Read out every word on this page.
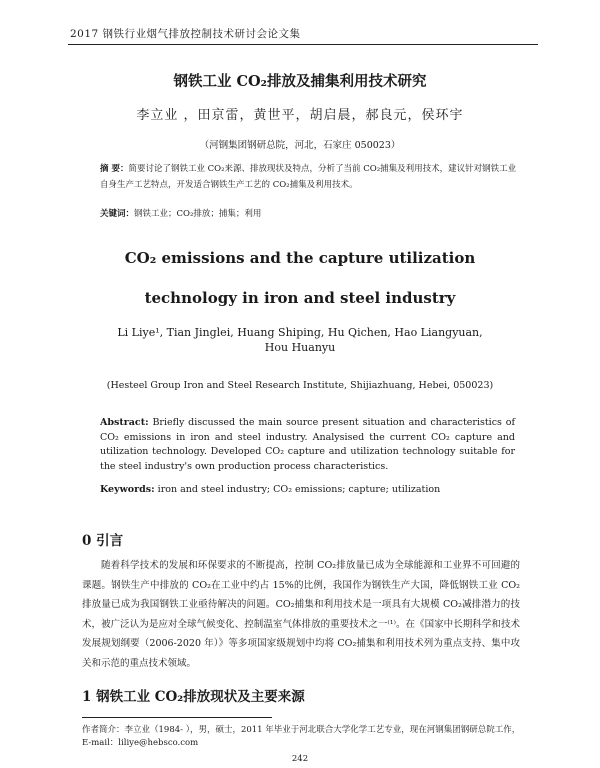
2017 钢铁行业烟气排放控制技术研讨会论文集
钢铁工业 CO₂排放及捕集利用技术研究
李立业 ，田京雷，黄世平，胡启晨，郝良元，侯环宇
（河钢集团钢研总院，河北，石家庄 050023）
摘 要：简要讨论了钢铁工业 CO₂来源、排放现状及特点，分析了当前 CO₂捕集及利用技术，建议针对钢铁工业自身生产工艺特点，开发适合钢铁生产工艺的 CO₂捕集及利用技术。
关键词：钢铁工业；CO₂排放；捕集；利用
CO₂ emissions and the capture utilization
technology in iron and steel industry
Li Liye¹, Tian Jinglei, Huang Shiping, Hu Qichen, Hao Liangyuan, Hou Huanyu
(Hesteel Group Iron and Steel Research Institute, Shijiazhuang, Hebei, 050023)
Abstract: Briefly discussed the main source present situation and characteristics of CO₂ emissions in iron and steel industry. Analysised the current CO₂ capture and utilization technology. Developed CO₂ capture and utilization technology suitable for the steel industry's own production process characteristics.
Keywords: iron and steel industry; CO₂ emissions; capture; utilization
0 引言

随着科学技术的发展和环保要求的不断提高，控制 CO₂排放量已成为全球能源和工业界不可回避的课题。钢铁生产中排放的 CO₂在工业中约占 15%的比例，我国作为钢铁生产大国，降低钢铁工业 CO₂排放量已成为我国钢铁工业亟待解决的问题。CO₂捕集和利用技术是一项具有大规模 CO₂减排潜力的技术，被广泛认为是应对全球气候变化、控制温室气体排放的重要技术之一⁽¹⁾。在《国家中长期科学和技术发展规划纲要（2006-2020 年）》等多项国家级规划中均将 CO₂捕集和利用技术列为重点支持、集中攻关和示范的重点技术领域。

1 钢铁工业 CO₂排放现状及主要来源
作者简介：李立业（1984- ），男，硕士，2011 年毕业于河北联合大学化学工艺专业，现在河钢集团钢研总院工作，E-mail：liliye@hebsco.com
242
